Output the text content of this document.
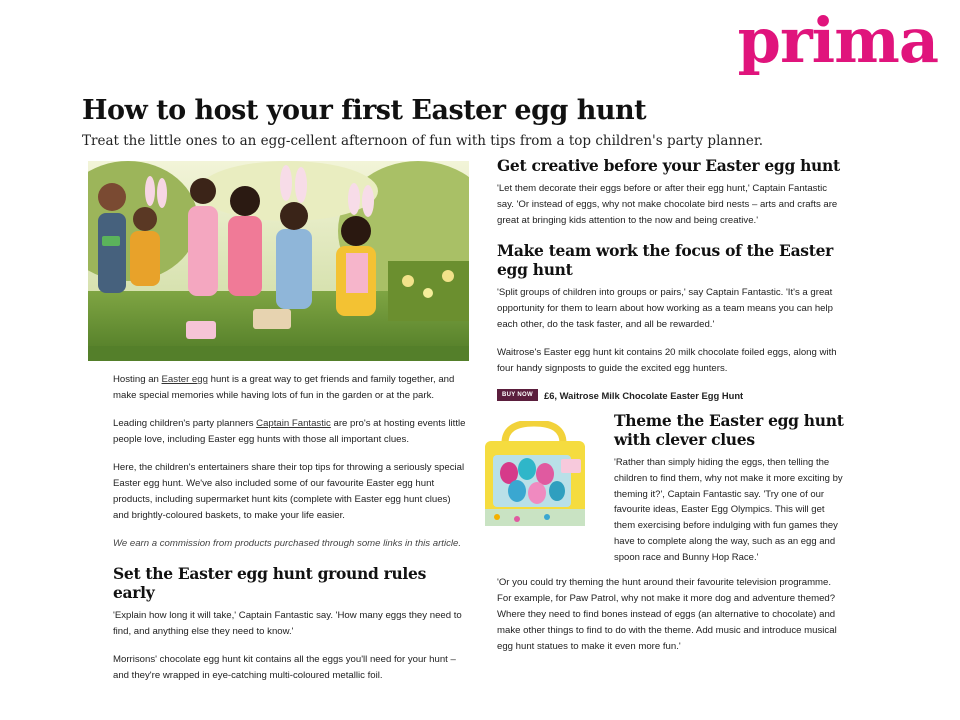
prima
How to host your first Easter egg hunt
Treat the little ones to an egg-cellent afternoon of fun with tips from a top children's party planner.

Hosting an Easter egg hunt is a great way to get friends and family together, and make special memories while having lots of fun in the garden or at the park.

Leading children's party planners Captain Fantastic are pro's at hosting events little people love, including Easter egg hunts with those all important clues.

Here, the children's entertainers share their top tips for throwing a seriously special Easter egg hunt. We've also included some of our favourite Easter egg hunt products, including supermarket hunt kits (complete with Easter egg hunt clues) and brightly-coloured baskets, to make your life easier.

We earn a commission from products purchased through some links in this article.

Set the Easter egg hunt ground rules early

'Explain how long it will take,' Captain Fantastic say. 'How many eggs they need to find, and anything else they need to know.'

Morrisons' chocolate egg hunt kit contains all the eggs you'll need for your hunt – and they're wrapped in eye-catching multi-coloured metallic foil.

Get creative before your Easter egg hunt

'Let them decorate their eggs before or after their egg hunt,' Captain Fantastic say. 'Or instead of eggs, why not make chocolate bird nests – arts and crafts are great at bringing kids attention to the now and being creative.'

Make team work the focus of the Easter egg hunt

'Split groups of children into groups or pairs,' say Captain Fantastic. 'It's a great opportunity for them to learn about how working as a team means you can help each other, do the task faster, and all be rewarded.'

Waitrose's Easter egg hunt kit contains 20 milk chocolate foiled eggs, along with four handy signposts to guide the excited egg hunters.

BUY NOW	£6, Waitrose Milk Chocolate Easter Egg Hunt
Theme the Easter egg hunt with clever clues

'Rather than simply hiding the eggs, then telling the children to find them, why not make it more exciting by theming it?', Captain Fantastic say. 'Try one of our favourite ideas, Easter Egg Olympics. This will get them exercising before indulging with fun games they have to complete along the way, such as an egg and spoon race and Bunny Hop Race.'

'Or you could try theming the hunt around their favourite television programme. For example, for Paw Patrol, why not make it more dog and adventure themed? Where they need to find bones instead of eggs (an alternative to chocolate) and make other things to find to do with the theme. Add music and introduce musical egg hunt statues to make it even more fun.'
